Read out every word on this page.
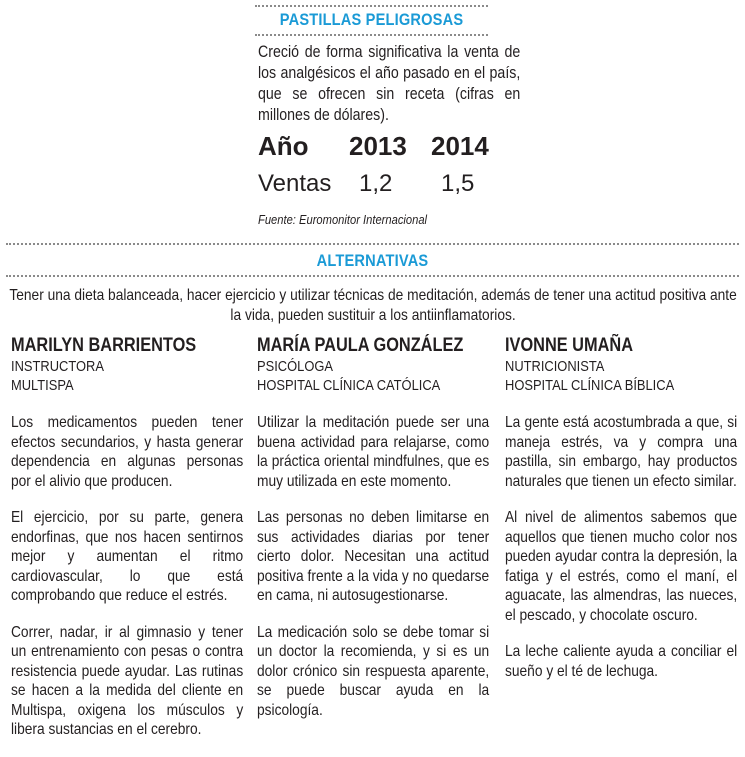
PASTILLAS PELIGROSAS
Creció de forma significativa la venta de los analgésicos el año pasado en el país, que se ofrecen sin receta (cifras en millones de dólares).
Año 2013 2014
Ventas 1,2 1,5
Fuente: Euromonitor Internacional
ALTERNATIVAS
Tener una dieta balanceada, hacer ejercicio y utilizar técnicas de meditación, además de tener una actitud positiva ante la vida, pueden sustituir a los antiinflamatorios.
MARILYN BARRIENTOS
INSTRUCTORA
MULTISPA

Los medicamentos pueden tener efectos secundarios, y hasta generar dependencia en algunas personas por el alivio que producen.

El ejercicio, por su parte, genera endorfinas, que nos hacen sentirnos mejor y aumentan el ritmo cardiovascular, lo que está comprobando que reduce el estrés.

Correr, nadar, ir al gimnasio y tener un entrenamiento con pesas o contra resistencia puede ayudar. Las rutinas se hacen a la medida del cliente en Multispa, oxigena los músculos y libera sustancias en el cerebro.

MARÍA PAULA GONZÁLEZ
PSICÓLOGA
HOSPITAL CLÍNICA CATÓLICA

Utilizar la meditación puede ser una buena actividad para relajarse, como la práctica oriental mindfulnes, que es muy utilizada en este momento.

Las personas no deben limitarse en sus actividades diarias por tener cierto dolor. Necesitan una actitud positiva frente a la vida y no quedarse en cama, ni autosugestionarse.

La medicación solo se debe tomar si un doctor la recomienda, y si es un dolor crónico sin respuesta aparente, se puede buscar ayuda en la psicología.

IVONNE UMAÑA
NUTRICIONISTA
HOSPITAL CLÍNICA BÍBLICA

La gente está acostumbrada a que, si maneja estrés, va y compra una pastilla, sin embargo, hay productos naturales que tienen un efecto similar.

Al nivel de alimentos sabemos que aquellos que tienen mucho color nos pueden ayudar contra la depresión, la fatiga y el estrés, como el maní, el aguacate, las almendras, las nueces, el pescado, y chocolate oscuro.

La leche caliente ayuda a conciliar el sueño y el té de lechuga.
